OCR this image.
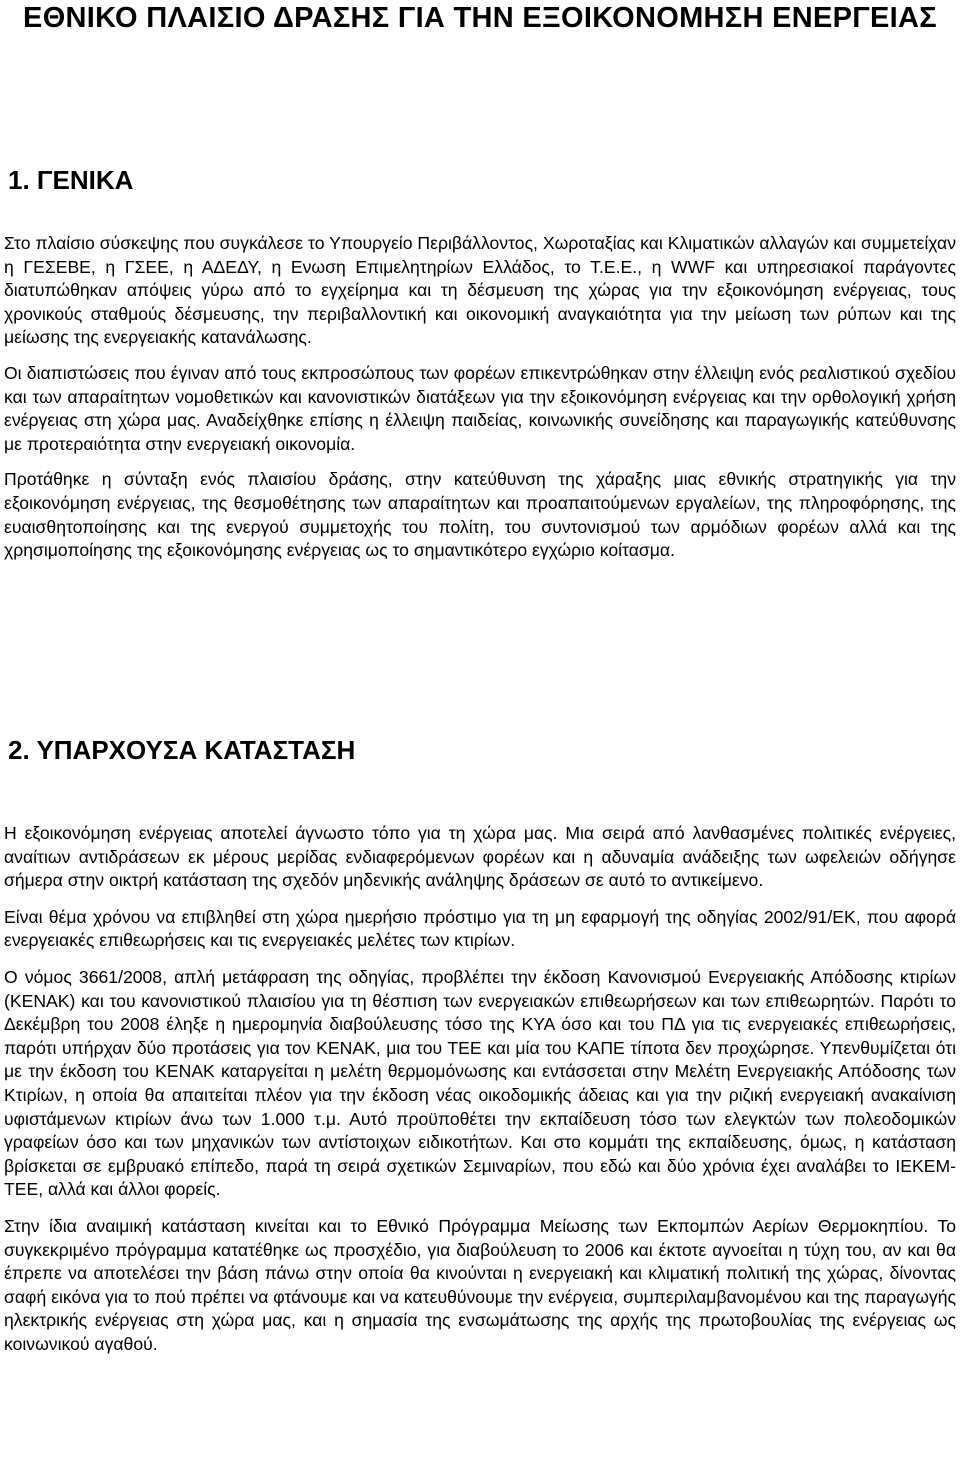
ΕΘΝΙΚΟ ΠΛΑΙΣΙΟ ΔΡΑΣΗΣ ΓΙΑ ΤΗΝ ΕΞΟΙΚΟΝΟΜΗΣΗ ΕΝΕΡΓΕΙΑΣ
1. ΓΕΝΙΚΑ

Στο πλαίσιο σύσκεψης που συγκάλεσε το Υπουργείο Περιβάλλοντος, Χωροταξίας και Κλιματικών αλλαγών και συμμετείχαν η ΓΕΣΕΒΕ, η ΓΣΕΕ, η ΑΔΕΔΥ, η Ενωση Επιμελητηρίων Ελλάδος, το Τ.Ε.Ε., η WWF και υπηρεσιακοί παράγοντες διατυπώθηκαν απόψεις γύρω από το εγχείρημα και τη δέσμευση της χώρας για την εξοικονόμηση ενέργειας, τους χρονικούς σταθμούς δέσμευσης, την περιβαλλοντική και οικονομική αναγκαιότητα για την μείωση των ρύπων και της μείωσης της ενεργειακής κατανάλωσης.

Οι διαπιστώσεις που έγιναν από τους εκπροσώπους των φορέων επικεντρώθηκαν στην έλλειψη ενός ρεαλιστικού σχεδίου και των απαραίτητων νομοθετικών και κανονιστικών διατάξεων για την εξοικονόμηση ενέργειας και την ορθολογική χρήση ενέργειας στη χώρα μας. Αναδείχθηκε επίσης η έλλειψη παιδείας, κοινωνικής συνείδησης και παραγωγικής κατεύθυνσης με προτεραιότητα στην ενεργειακή οικονομία.

Προτάθηκε η σύνταξη ενός πλαισίου δράσης, στην κατεύθυνση της χάραξης μιας εθνικής στρατηγικής για την εξοικονόμηση ενέργειας, της θεσμοθέτησης των απαραίτητων και προαπαιτούμενων εργαλείων, της πληροφόρησης, της ευαισθητοποίησης και της ενεργού συμμετοχής του πολίτη, του συντονισμού των αρμόδιων φορέων αλλά και της χρησιμοποίησης της εξοικονόμησης ενέργειας ως το σημαντικότερο εγχώριο κοίτασμα.

2. ΥΠΑΡΧΟΥΣΑ ΚΑΤΑΣΤΑΣΗ

Η εξοικονόμηση ενέργειας αποτελεί άγνωστο τόπο για τη χώρα μας. Μια σειρά από λανθασμένες πολιτικές ενέργειες, αναίτιων αντιδράσεων εκ μέρους μερίδας ενδιαφερόμενων φορέων και η αδυναμία ανάδειξης των ωφελειών οδήγησε σήμερα στην οικτρή κατάσταση της σχεδόν μηδενικής ανάληψης δράσεων σε αυτό το αντικείμενο.

Είναι θέμα χρόνου να επιβληθεί στη χώρα ημερήσιο πρόστιμο για τη μη εφαρμογή της οδηγίας 2002/91/ΕΚ, που αφορά ενεργειακές επιθεωρήσεις και τις ενεργειακές μελέτες των κτιρίων.

Ο νόμος 3661/2008, απλή μετάφραση της οδηγίας, προβλέπει την έκδοση Κανονισμού Ενεργειακής Απόδοσης κτιρίων (ΚΕΝΑΚ) και του κανονιστικού πλαισίου για τη θέσπιση των ενεργειακών επιθεωρήσεων και των επιθεωρητών. Παρότι το Δεκέμβρη του 2008 έληξε η ημερομηνία διαβούλευσης τόσο της ΚΥΑ όσο και του ΠΔ για τις ενεργειακές επιθεωρήσεις, παρότι υπήρχαν δύο προτάσεις για τον ΚΕΝΑΚ, μια του ΤΕΕ και μία του ΚΑΠΕ τίποτα δεν προχώρησε. Υπενθυμίζεται ότι με την έκδοση του ΚΕΝΑΚ καταργείται η μελέτη θερμομόνωσης και εντάσσεται στην Μελέτη Ενεργειακής Απόδοσης των Κτιρίων, η οποία θα απαιτείται πλέον για την έκδοση νέας οικοδομικής άδειας και για την ριζική ενεργειακή ανακαίνιση υφιστάμενων κτιρίων άνω των 1.000 τ.μ. Αυτό προϋποθέτει την εκπαίδευση τόσο των ελεγκτών των πολεοδομικών γραφείων όσο και των μηχανικών των αντίστοιχων ειδικοτήτων. Και στο κομμάτι της εκπαίδευσης, όμως, η κατάσταση βρίσκεται σε εμβρυακό επίπεδο, παρά τη σειρά σχετικών Σεμιναρίων, που εδώ και δύο χρόνια έχει αναλάβει το ΙΕΚΕΜ-ΤΕΕ, αλλά και άλλοι φορείς.

Στην ίδια αναιμική κατάσταση κινείται και το Εθνικό Πρόγραμμα Μείωσης των Εκπομπών Αερίων Θερμοκηπίου. Το συγκεκριμένο πρόγραμμα κατατέθηκε ως προσχέδιο, για διαβούλευση το 2006 και έκτοτε αγνοείται η τύχη του, αν και θα έπρεπε να αποτελέσει την βάση πάνω στην οποία θα κινούνται η ενεργειακή και κλιματική πολιτική της χώρας, δίνοντας σαφή εικόνα για το πού πρέπει να φτάνουμε και να κατευθύνουμε την ενέργεια, συμπεριλαμβανομένου και της παραγωγής ηλεκτρικής ενέργειας στη χώρα μας, και η σημασία της ενσωμάτωσης της αρχής της πρωτοβουλίας της ενέργειας ως κοινωνικού αγαθού.
